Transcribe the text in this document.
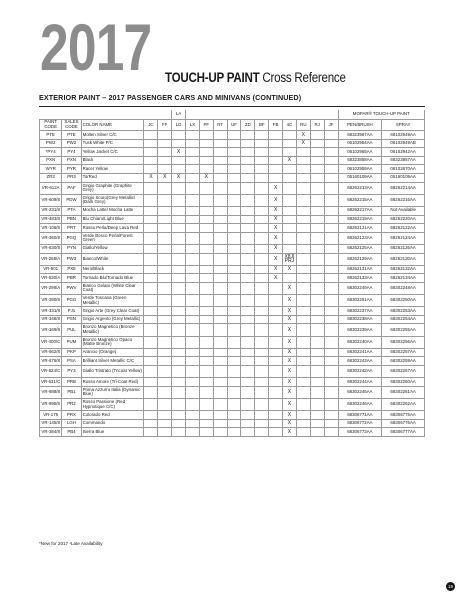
2017 TOUCH-UP PAINT Cross Reference
EXTERIOR PAINT – 2017 PASSENGER CARS AND MINIVANS (CONTINUED)
					LA												MOPAR® TOUCH-UP PAINT	
PAINT CODE	SALES CODE	COLOR NAME	JC	FF	LD	LX	PF	RT	UF	ZD	BF	FB	4C	RU	RJ	JF	PEN/BRUSH	SPRAY
PTE	PTE	Molten Silver C/C												X			68323987AA	68102949AA
PW2	PW2	Tusk White P/C												X			06102954AA	06102949AB
*PY4	PY4	Yellow Jacket C/C			X												06102965AA	06102942AA
PXN	PXN	Black											X				68323858AA	68323857AA
WYR	PYR	Racer Yellow															06102959AA	06102670AA
ZR3	PR3	TorRed	X	X	X		X										05160109AA	05160109AA
VR-612A	PAF	Grigio Graphite (Graphite Grey)										X					68262213AA	68262214AA
VR-609/8	PDW	Grigio Scuro(Grey Metallic/ (Dark Grey)										X					68262215AA	68262216AA
VR-231/8	PTA	Mocha Latte/ Mocha Latte										X					68262217AA	Not Available
VR-483/8	PBN	Blu Chiaro/Light Blue										X					68262219AA	68262220AA
VR-106/8	PRT	Rosso Perla/Deep Lava Red										X					68262121AA	68262122AA
VR-360/8	PGQ	Verde Bosco Perla/Forest Green										X					68262123AA	68262124AA
VR-830/8	PYN	Giallo/Yellow										X					68262125AA	68262126AA
VR-268/A	PW3	Bianco/White										X	X8JI PRJ				68262129AA	68262130AA
VR-601	PX8	Nero/Black										X	X				68262131AA	68262132AA
VR-530/A	PBR	Tornado Blu/Tornado Blue										X					68262133AA	68262134AA
VR-298/A	PWV	Bianco Gelato (White Clear Coat)											X				68302249AA	68302248AA
VR-390/8	PGG	Verde Toscana (Green Metallic)											X				68302251AA	68302250AA
VR-331/8	PJ1	Grigio Arte (Grey Clear Coat)											X				68302237AA	68302253AA
VR-348/8	PSN	Grigio Argento (Grey Metallic)											X				68302238AA	68302254AA
VR-169/8	PUL	Bronzo Magnetico (Bronze Metallic)											X				68302239AA	68302255AA
VR-400/C	PUM	Bronzo Magnetico Opaco (Matte Bronze)											X				68302240AA	68302256AA
VR-562/8	PKP	Arancio (Orange)											X				68302241AA	68302257AA
VR-676/8	PSA	Brilliant Silver Metallic C/C											X				68302243AA	68302259AA
VR-624/C	PY3	Giallo Tristrato (Tricoat Yellow)											X				68302242AA	68302257AA
VR-631/C	PRB	Rosso Amore (Tri-Coat Red)											X				68302244AA	68302260AA
VR-888/8	PB1	Prima Azzurro Italia (Dynamic Blue)											X				68302245AA	68302261AA
VR-895/8	PR2	Rosso Passione (Red Hypnotique C/C)											X				68302246AA	68302262AA
VR-176	PRX	Colorado Red											X				68306771AA	68306775AA
VR-145/8	LGH	Commando											X				68306772AA	68306776AA
VR-384/8	PB4	Sierra Blue											X				68306773AA	68306777AA
*New for 2017 ¹Late Availability
19
